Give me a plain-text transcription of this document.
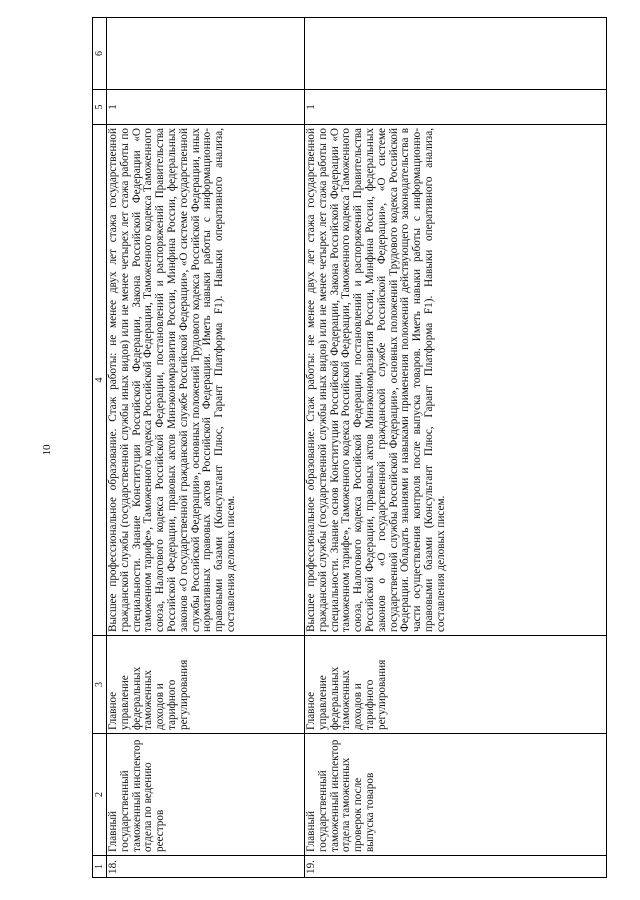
10
1	2	3	4	5	6
18.	Главный государственный таможенный инспектор отдела по ведению реестров	Главное управление федеральных таможенных доходов и тарифного регулирования	Высшее профессиональное образование. Стаж работы: не менее двух лет стажа государственной гражданской службы (государственной службы иных видов) или не менее четырех лет стажа работы по специальности. Знание Конституции Российской Федерации, Закона Российской Федерации «О таможенном тарифе», Таможенного кодекса Российской Федерации, Таможенного кодекса Таможенного союза, Налогового кодекса Российской Федерации, постановлений и распоряжений Правительства Российской Федерации, правовых актов Минэкономразвития России, Минфина России, федеральных законов «О государственной гражданской службе Российской Федерации», «О системе государственной службы Российской Федерации», основных положений Трудового кодекса Российской Федерации, иных нормативных правовых актов Российской Федерации. Иметь навыки работы с информационно-правовыми базами (Консультант Плюс, Гарант Платформа F1). Навыки оперативного анализа, составления деловых писем.	1	
19.	Главный государственный таможенный инспектор отдела таможенных проверок после выпуска товаров	Главное управление федеральных таможенных доходов и тарифного регулирования	Высшее профессиональное образование. Стаж работы: не менее двух лет стажа государственной гражданской службы (государственной службы иных видов) или не менее четырех лет стажа работы по специальности. Знание основ Конституции Российской Федерации, Закона Российской Федерации «О таможенном тарифе», Таможенного кодекса Российской Федерации, Таможенного кодекса Таможенного союза, Налогового кодекса Российской Федерации, постановлений и распоряжений Правительства Российской Федерации, правовых актов Минэкономразвития России, Минфина России, федеральных законов о «О государственной гражданской службе Российской Федерации», «О системе государственной службы Российской Федерации», основных положений Трудового кодекса Российской Федерации. Обладать знаниями и навыками применения положений действующего законодательства в части осуществления контроля после выпуска товаров. Иметь навыки работы с информационно-правовыми базами (Консультант Плюс, Гарант Платформа F1). Навыки оперативного анализа, составления деловых писем.	1	
